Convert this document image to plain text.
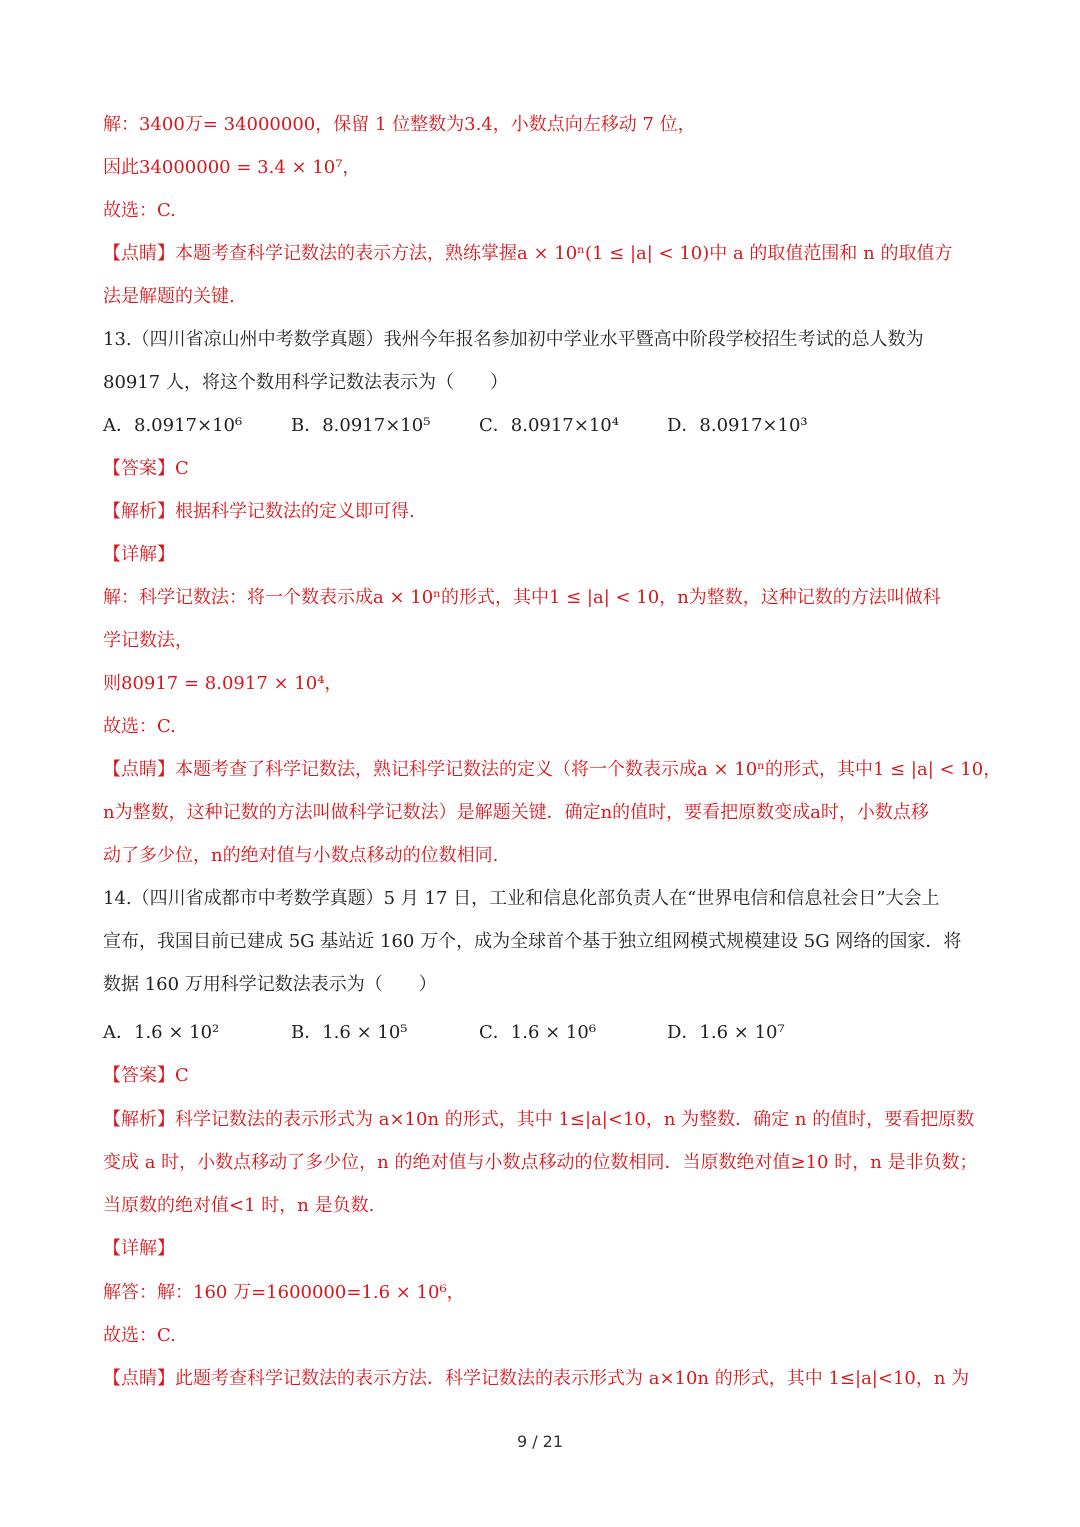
解：3400万= 34000000，保留 1 位整数为3.4，小数点向左移动 7 位，
因此34000000 = 3.4 × 10⁷，
故选：C.
【点睛】本题考查科学记数法的表示方法，熟练掌握a × 10ⁿ(1 ≤ |a| < 10)中 a 的取值范围和 n 的取值方
法是解题的关键.
13.（四川省凉山州中考数学真题）我州今年报名参加初中学业水平暨高中阶段学校招生考试的总人数为
80917 人，将这个数用科学记数法表示为（　　）
A．8.0917×10⁶	B．8.0917×10⁵	C．8.0917×10⁴	D．8.0917×10³
【答案】C
【解析】根据科学记数法的定义即可得.
【详解】
解：科学记数法：将一个数表示成a × 10ⁿ的形式，其中1 ≤ |a| < 10，n为整数，这种记数的方法叫做科
学记数法，
则80917 = 8.0917 × 10⁴，
故选：C.
【点睛】本题考查了科学记数法，熟记科学记数法的定义（将一个数表示成a × 10ⁿ的形式，其中1 ≤ |a| < 10，
n为整数，这种记数的方法叫做科学记数法）是解题关键．确定n的值时，要看把原数变成a时，小数点移
动了多少位，n的绝对值与小数点移动的位数相同.
14.（四川省成都市中考数学真题）5 月 17 日，工业和信息化部负责人在“世界电信和信息社会日”大会上
宣布，我国目前已建成 5G 基站近 160 万个，成为全球首个基于独立组网模式规模建设 5G 网络的国家．将
数据 160 万用科学记数法表示为（　　）
A．1.6 × 10²	B．1.6 × 10⁵	C．1.6 × 10⁶	D．1.6 × 10⁷
【答案】C
【解析】科学记数法的表示形式为 a×10n 的形式，其中 1≤|a|<10，n 为整数．确定 n 的值时，要看把原数
变成 a 时，小数点移动了多少位，n 的绝对值与小数点移动的位数相同．当原数绝对值≥10 时，n 是非负数；
当原数的绝对值<1 时，n 是负数.
【详解】
解答：解：160 万=1600000=1.6 × 10⁶，
故选：C.
【点睛】此题考查科学记数法的表示方法．科学记数法的表示形式为 a×10n 的形式，其中 1≤|a|<10，n 为
9 / 21
